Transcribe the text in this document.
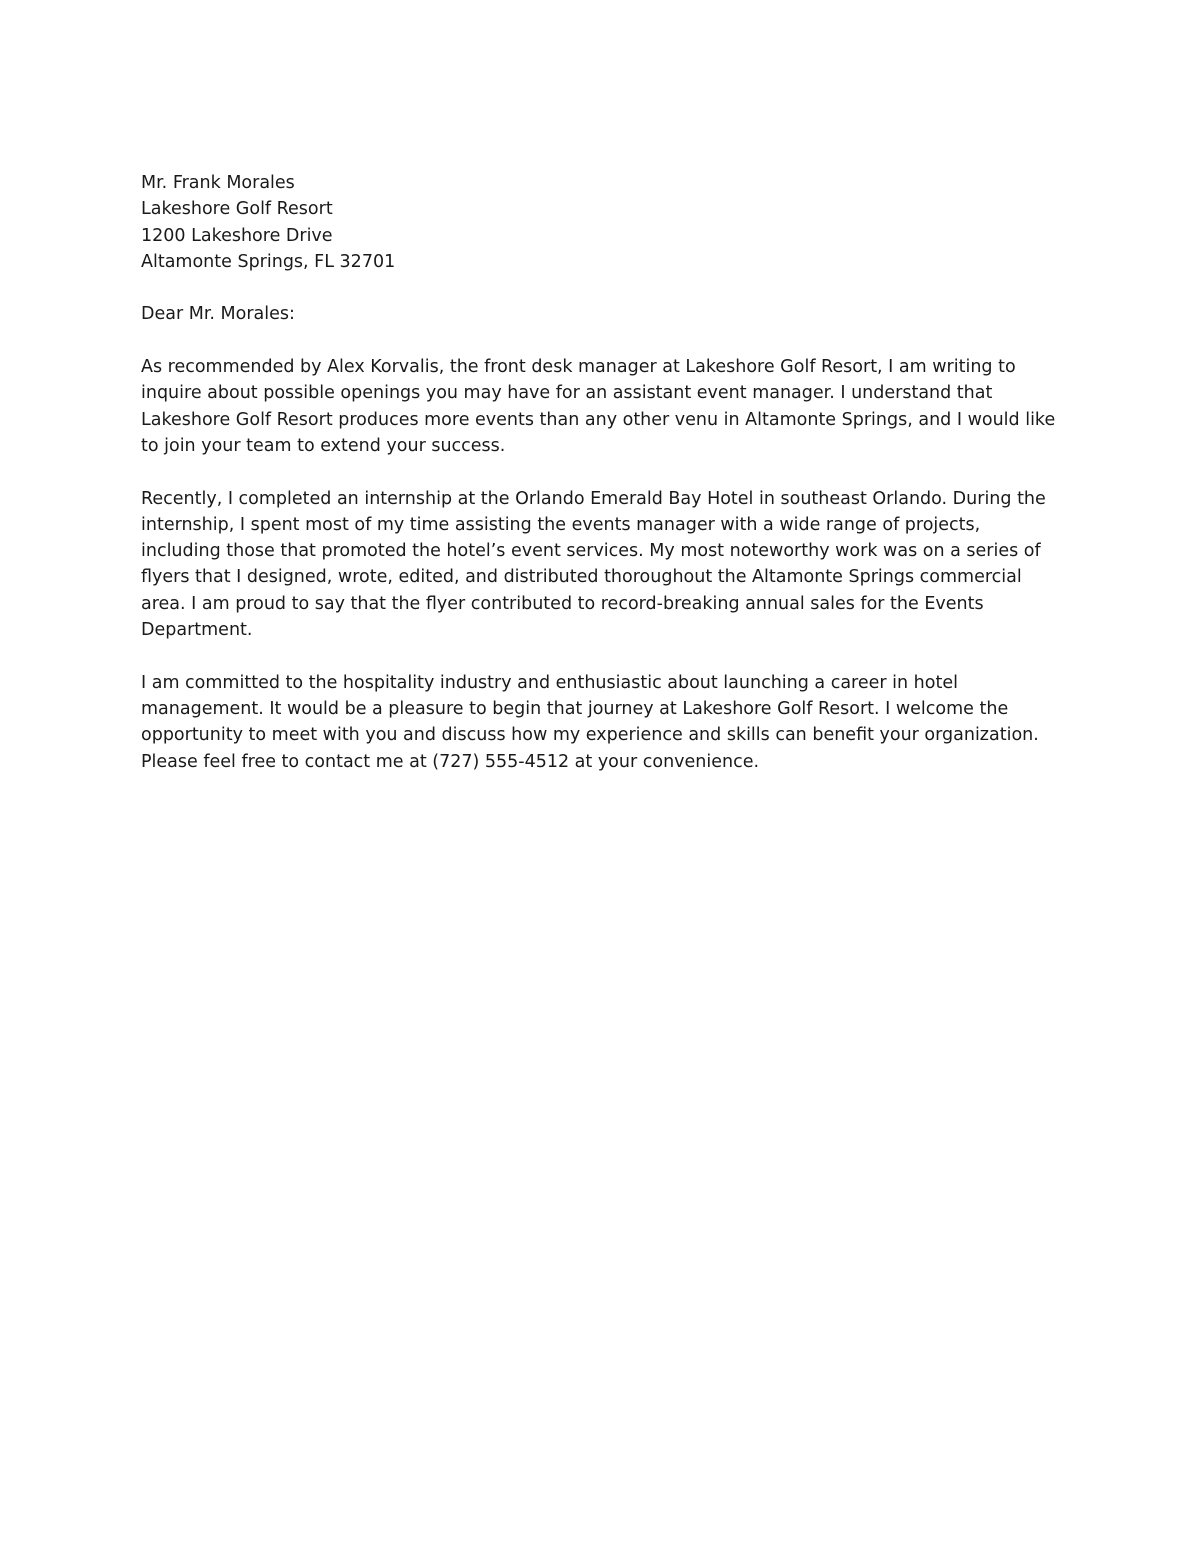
Mr. Frank Morales
Lakeshore Golf Resort
1200 Lakeshore Drive
Altamonte Springs, FL 32701

Dear Mr. Morales:

As recommended by Alex Korvalis, the front desk manager at Lakeshore Golf Resort, I am writing to inquire about possible openings you may have for an assistant event manager. I understand that Lakeshore Golf Resort produces more events than any other venu in Altamonte Springs, and I would like to join your team to extend your success.

Recently, I completed an internship at the Orlando Emerald Bay Hotel in southeast Orlando. During the internship, I spent most of my time assisting the events manager with a wide range of projects, including those that promoted the hotel’s event services. My most noteworthy work was on a series of flyers that I designed, wrote, edited, and distributed thoroughout the Altamonte Springs commercial area. I am proud to say that the flyer contributed to record-breaking annual sales for the Events Department.

I am committed to the hospitality industry and enthusiastic about launching a career in hotel management. It would be a pleasure to begin that journey at Lakeshore Golf Resort. I welcome the opportunity to meet with you and discuss how my experience and skills can benefit your organization. Please feel free to contact me at (727) 555-4512 at your convenience.
